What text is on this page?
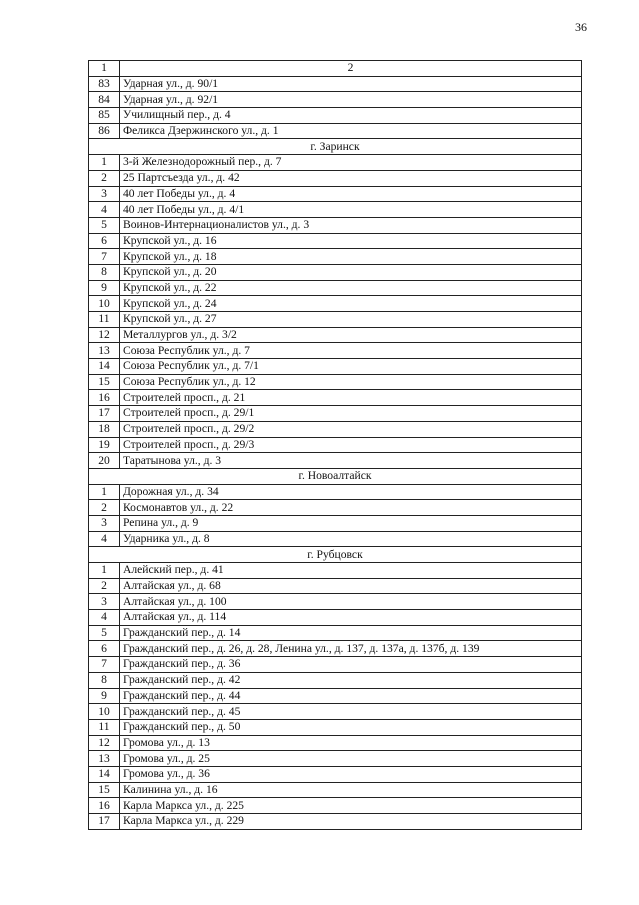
36
1	2
83	Ударная ул., д. 90/1
84	Ударная ул., д. 92/1
85	Училищный пер., д. 4
86	Феликса Дзержинского ул., д. 1
г. Заринск	
1	3-й Железнодорожный пер., д. 7
2	25 Партсъезда ул., д. 42
3	40 лет Победы ул., д. 4
4	40 лет Победы ул., д. 4/1
5	Воинов-Интернационалистов ул., д. 3
6	Крупской ул., д. 16
7	Крупской ул., д. 18
8	Крупской ул., д. 20
9	Крупской ул., д. 22
10	Крупской ул., д. 24
11	Крупской ул., д. 27
12	Металлургов ул., д. 3/2
13	Союза Республик ул., д. 7
14	Союза Республик ул., д. 7/1
15	Союза Республик ул., д. 12
16	Строителей просп., д. 21
17	Строителей просп., д. 29/1
18	Строителей просп., д. 29/2
19	Строителей просп., д. 29/3
20	Таратынова ул., д. 3
г. Новоалтайск	
1	Дорожная ул., д. 34
2	Космонавтов ул., д. 22
3	Репина ул., д. 9
4	Ударника ул., д. 8
г. Рубцовск	
1	Алейский пер., д. 41
2	Алтайская ул., д. 68
3	Алтайская ул., д. 100
4	Алтайская ул., д. 114
5	Гражданский пер., д. 14
6	Гражданский пер., д. 26, д. 28, Ленина ул., д. 137, д. 137а, д. 137б, д. 139
7	Гражданский пер., д. 36
8	Гражданский пер., д. 42
9	Гражданский пер., д. 44
10	Гражданский пер., д. 45
11	Гражданский пер., д. 50
12	Громова ул., д. 13
13	Громова ул., д. 25
14	Громова ул., д. 36
15	Калинина ул., д. 16
16	Карла Маркса ул., д. 225
17	Карла Маркса ул., д. 229
